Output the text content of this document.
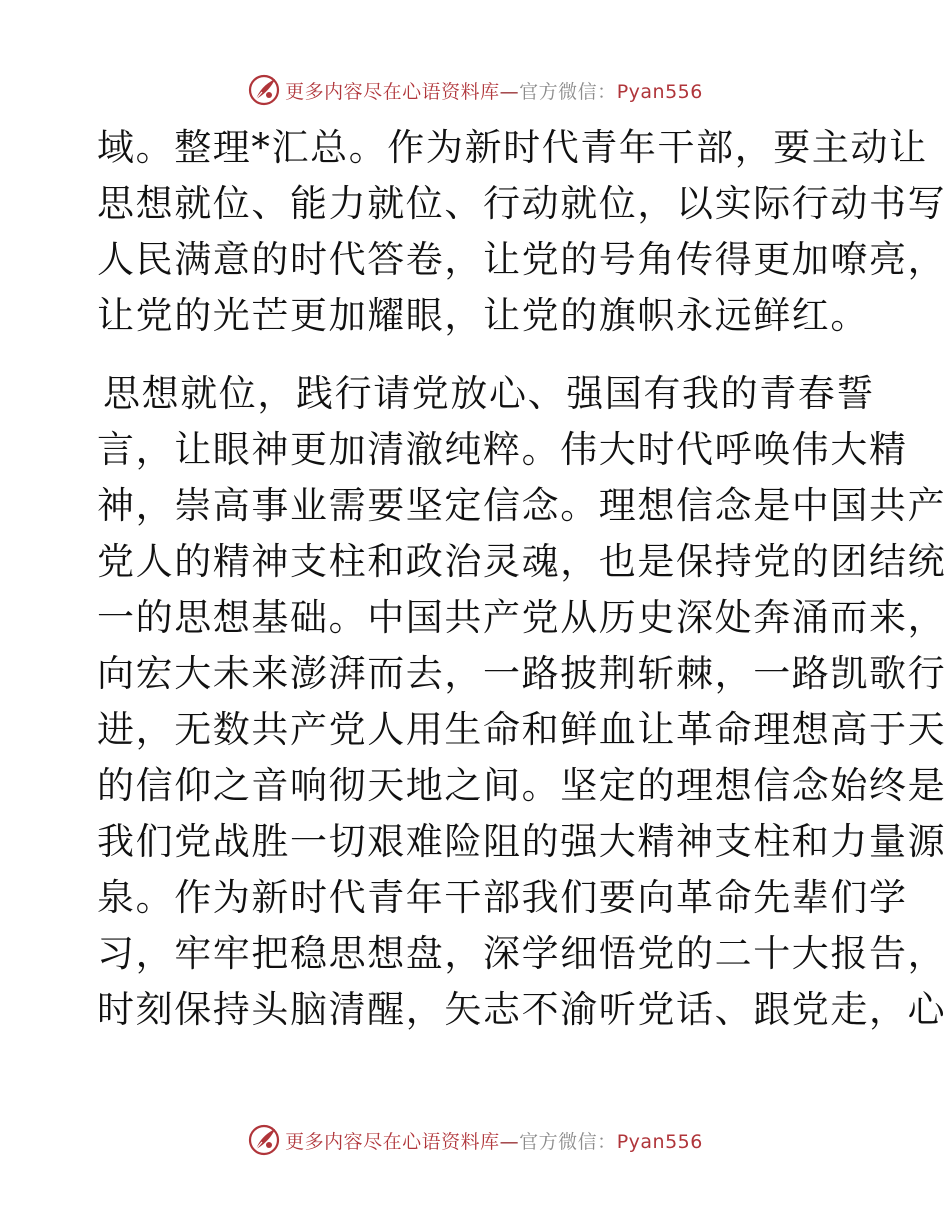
更多内容尽在心语资料库—官方微信：Pyan556
域。整理*汇总。作为新时代青年干部，要主动让
思想就位、能力就位、行动就位，以实际行动书写
人民满意的时代答卷，让党的号角传得更加嘹亮，
让党的光芒更加耀眼，让党的旗帜永远鲜红。
思想就位，践行请党放心、强国有我的青春誓
言，让眼神更加清澈纯粹。伟大时代呼唤伟大精
神，崇高事业需要坚定信念。理想信念是中国共产
党人的精神支柱和政治灵魂，也是保持党的团结统
一的思想基础。中国共产党从历史深处奔涌而来，
向宏大未来澎湃而去，一路披荆斩棘，一路凯歌行
进，无数共产党人用生命和鲜血让革命理想高于天
的信仰之音响彻天地之间。坚定的理想信念始终是
我们党战胜一切艰难险阻的强大精神支柱和力量源
泉。作为新时代青年干部我们要向革命先辈们学
习，牢牢把稳思想盘，深学细悟党的二十大报告，
时刻保持头脑清醒，矢志不渝听党话、跟党走，心
更多内容尽在心语资料库—官方微信：Pyan556
